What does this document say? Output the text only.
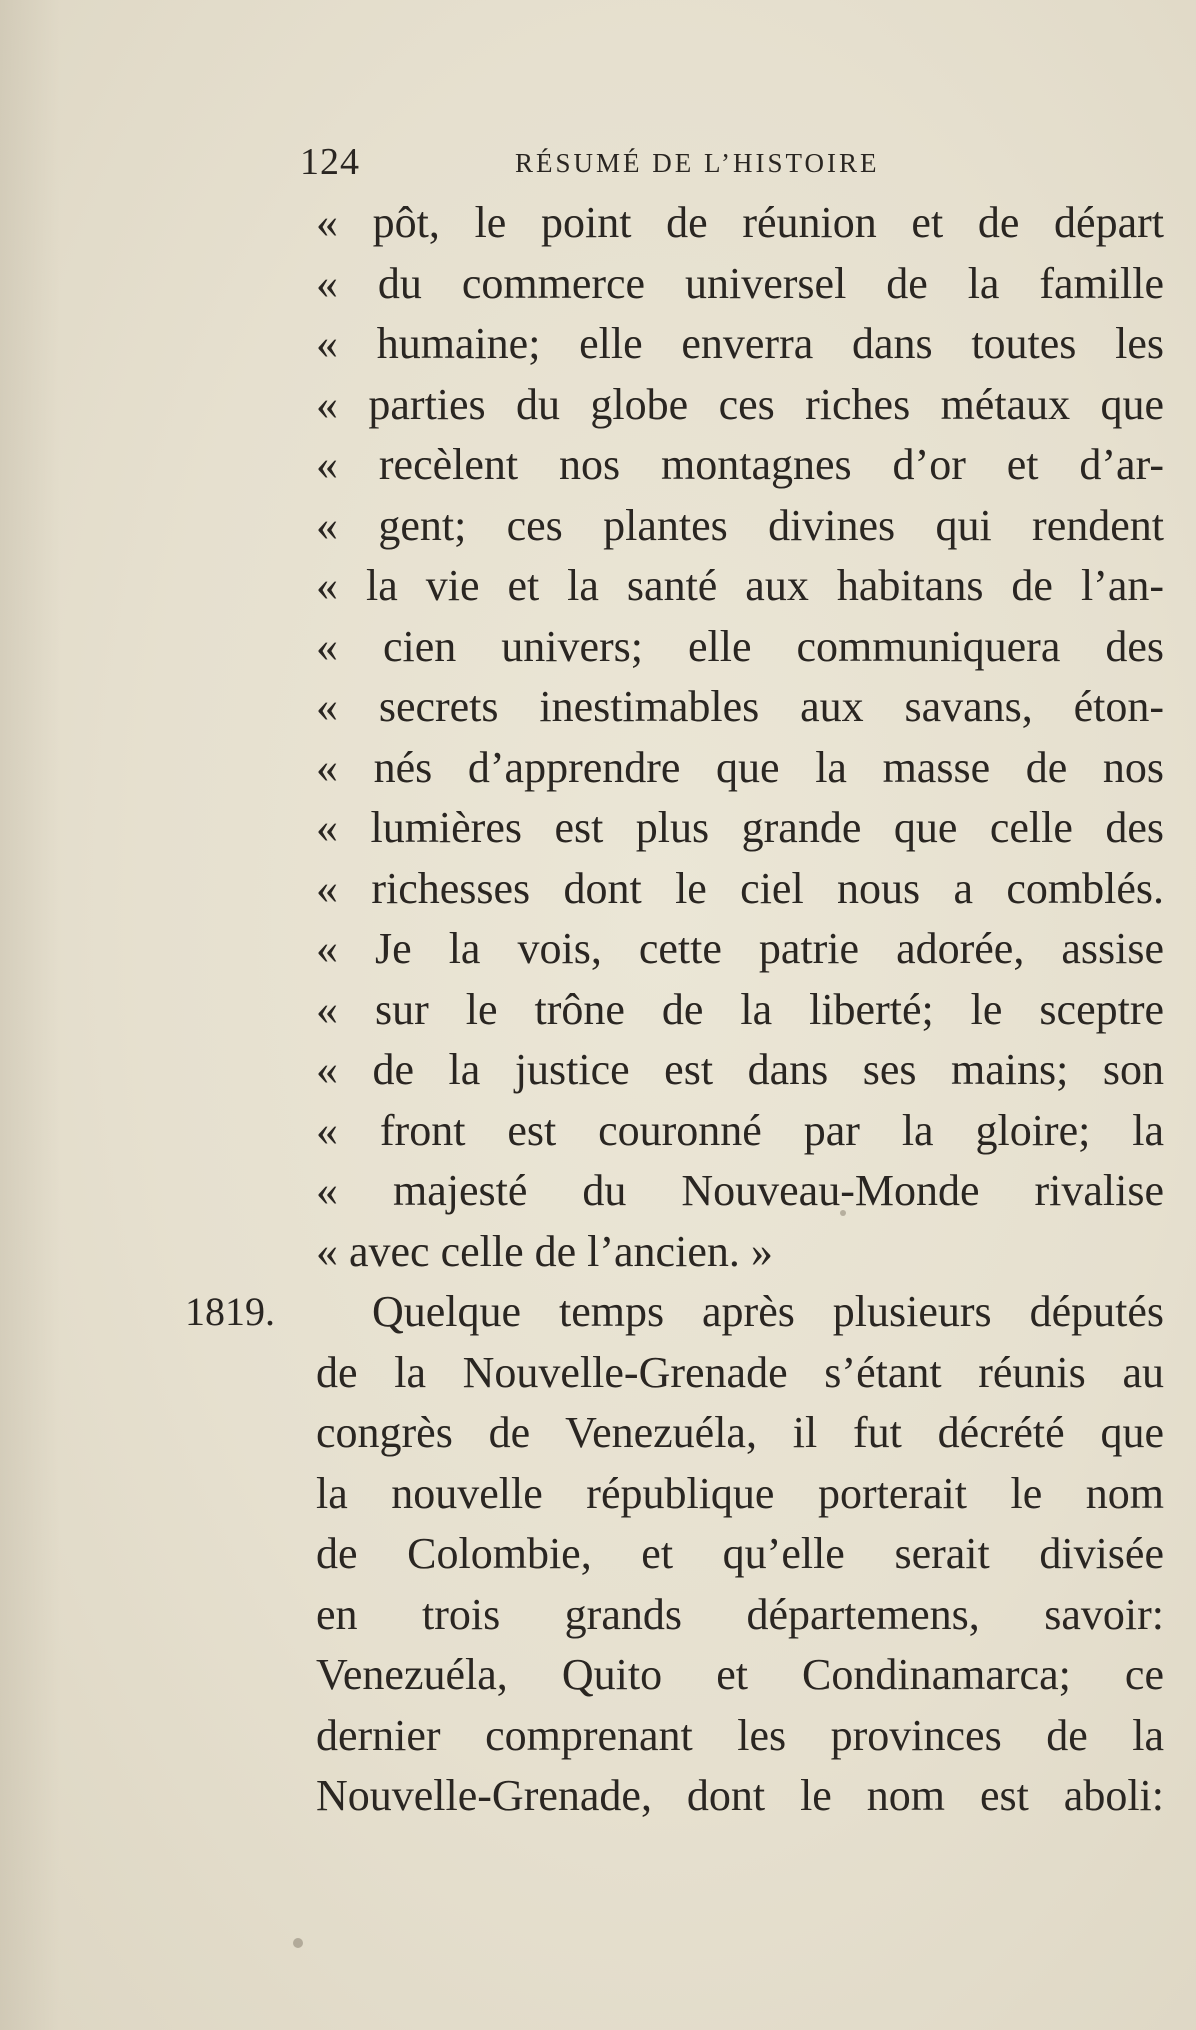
124	RÉSUMÉ DE L’HISTOIRE
« pôt, le point de réunion et de départ
« du commerce universel de la famille
« humaine; elle enverra dans toutes les
« parties du globe ces riches métaux que
« recèlent nos montagnes d’or et d’ar-
« gent; ces plantes divines qui rendent
« la vie et la santé aux habitans de l’an-
« cien univers; elle communiquera des
« secrets inestimables aux savans, éton-
« nés d’apprendre que la masse de nos
« lumières est plus grande que celle des
« richesses dont le ciel nous a comblés.
« Je la vois, cette patrie adorée, assise
« sur le trône de la liberté; le sceptre
« de la justice est dans ses mains; son
« front est couronné par la gloire; la
« majesté du Nouveau-Monde rivalise
« avec celle de l’ancien. »
1819. Quelque temps après plusieurs députés
de la Nouvelle-Grenade s’étant réunis au
congrès de Venezuéla, il fut décrété que
la nouvelle république porterait le nom
de Colombie, et qu’elle serait divisée
en trois grands départemens, savoir:
Venezuéla, Quito et Condinamarca; ce
dernier comprenant les provinces de la
Nouvelle-Grenade, dont le nom est aboli:
